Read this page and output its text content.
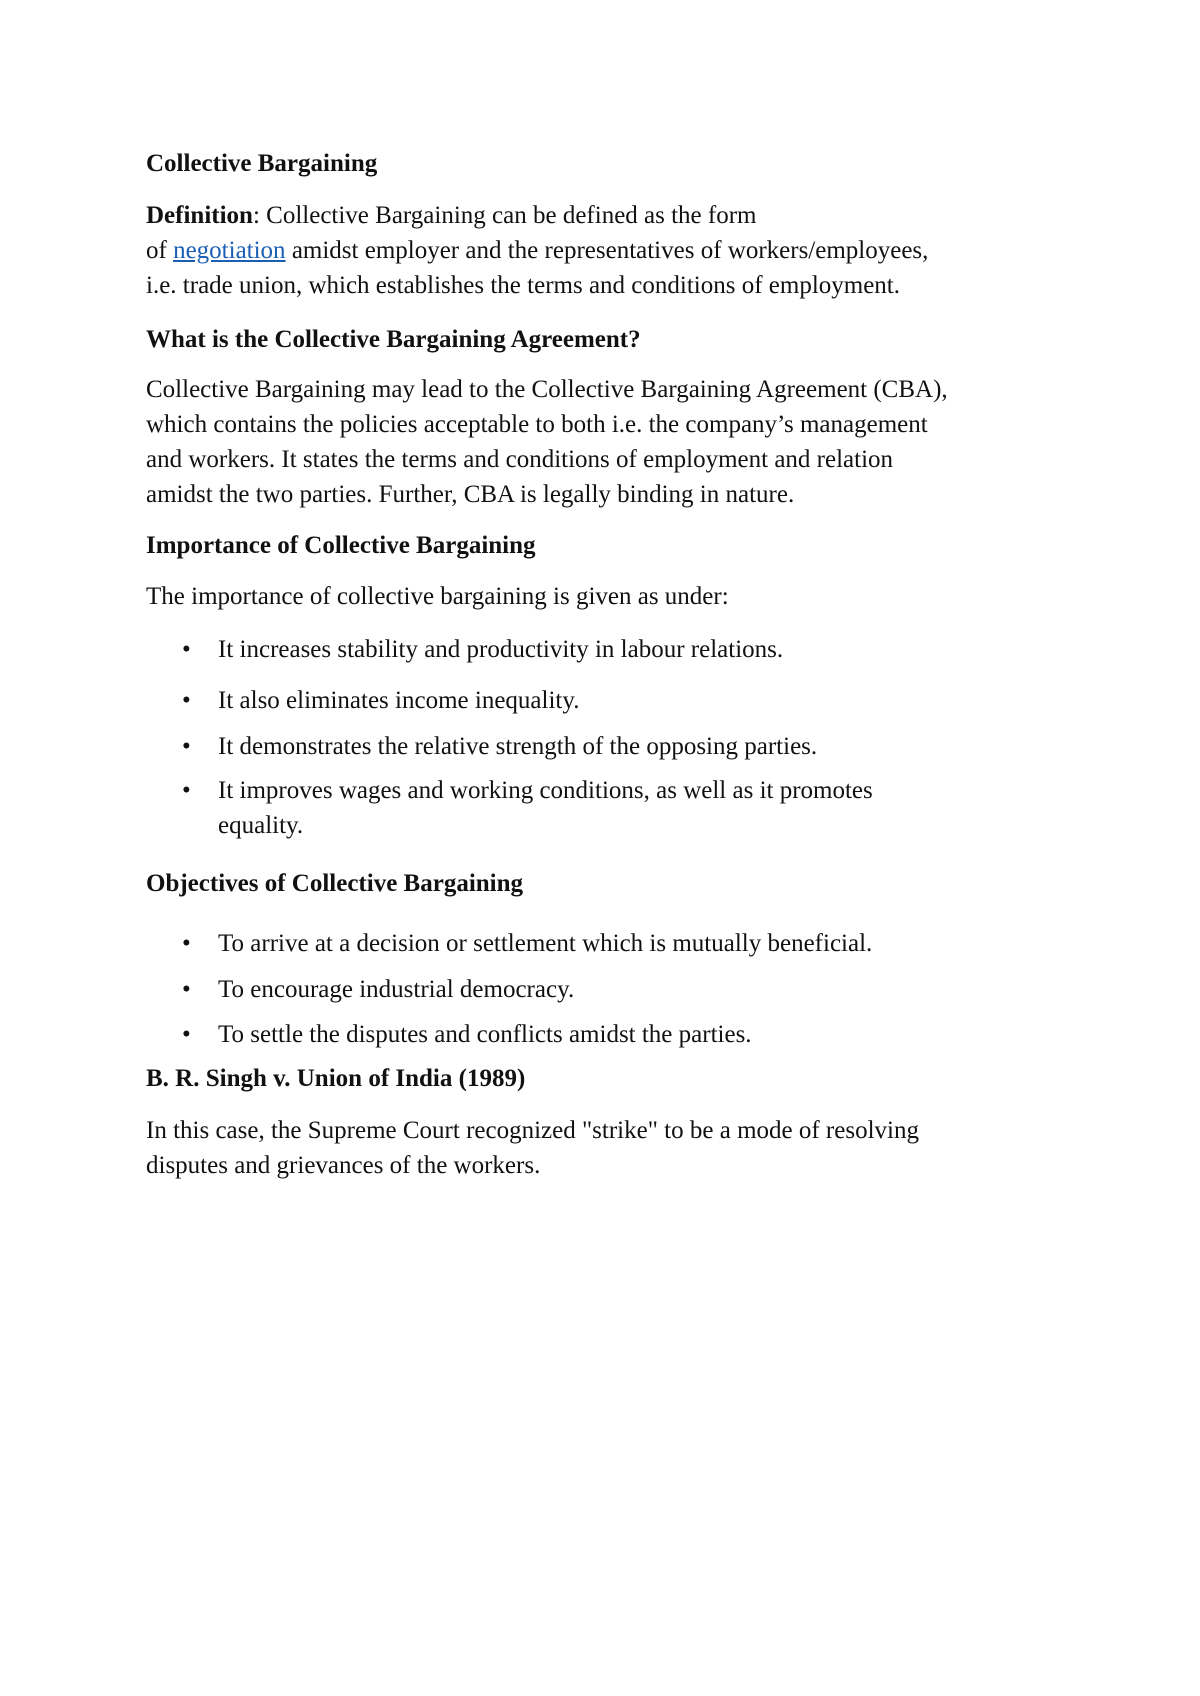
Collective Bargaining

Definition: Collective Bargaining can be defined as the form
of negotiation amidst employer and the representatives of workers/employees,
i.e. trade union, which establishes the terms and conditions of employment.

What is the Collective Bargaining Agreement?

Collective Bargaining may lead to the Collective Bargaining Agreement (CBA),
which contains the policies acceptable to both i.e. the company’s management
and workers. It states the terms and conditions of employment and relation
amidst the two parties. Further, CBA is legally binding in nature.

Importance of Collective Bargaining

The importance of collective bargaining is given as under:

• It increases stability and productivity in labour relations.
• It also eliminates income inequality.
• It demonstrates the relative strength of the opposing parties.
• It improves wages and working conditions, as well as it promotes equality.

Objectives of Collective Bargaining

• To arrive at a decision or settlement which is mutually beneficial.
• To encourage industrial democracy.
• To settle the disputes and conflicts amidst the parties.

B. R. Singh v. Union of India (1989)

In this case, the Supreme Court recognized "strike" to be a mode of resolving
disputes and grievances of the workers.
